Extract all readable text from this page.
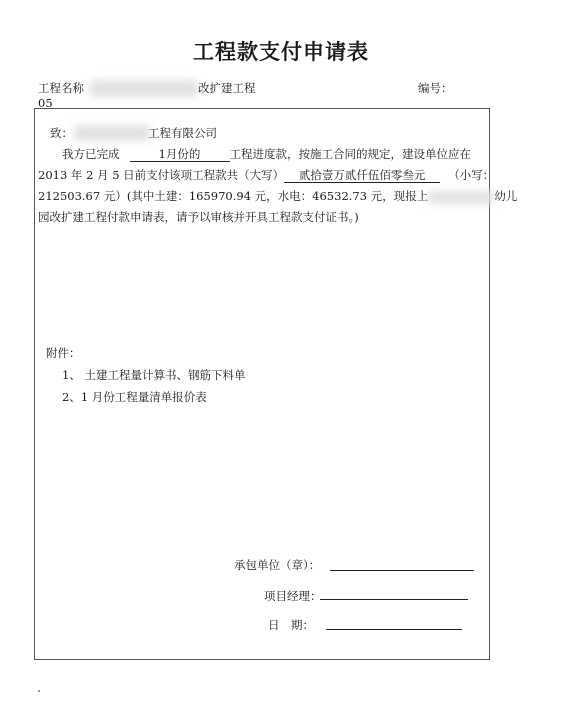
工程款支付申请表
工程名称	改扩建工程	编号：
05
致：	工程有限公司
我方已完成	1月份的	工程进度款，按施工合同的规定，建设单位应在
2013 年 2 月 5 日前支付该项工程款共（大写） 贰拾壹万贰仟伍佰零叁元 （小写：
212503.67 元）(其中土建：165970.94 元，水电：46532.73 元，现报上	幼儿
园改扩建工程付款申请表，请予以审核并开具工程款支付证书。)
附件：
1、 土建工程量计算书、钢筋下料单
2、1 月份工程量清单报价表
承包单位（章）：
项目经理：
日　期：
